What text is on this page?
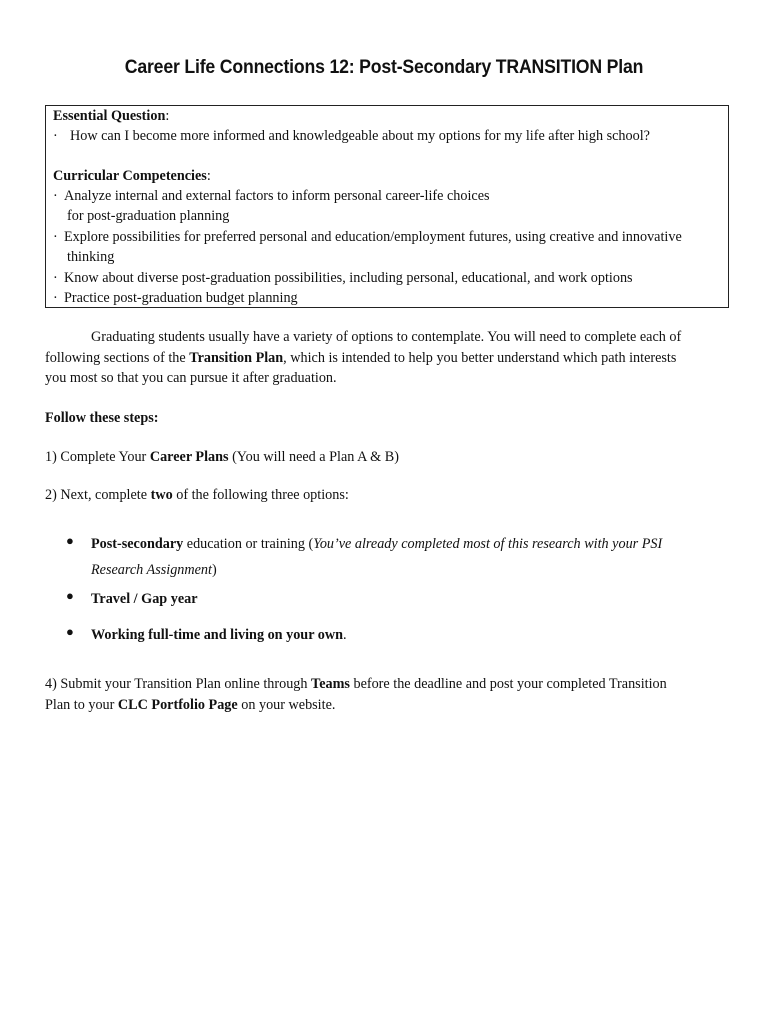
Career Life Connections 12: Post-Secondary TRANSITION Plan
Essential Question:
· How can I become more informed and knowledgeable about my options for my life after high school?
Curricular Competencies:
· Analyze internal and external factors to inform personal career-life choices
for post-graduation planning
· Explore possibilities for preferred personal and education/employment futures, using creative and innovative
thinking
· Know about diverse post-graduation possibilities, including personal, educational, and work options
· Practice post-graduation budget planning
Graduating students usually have a variety of options to contemplate. You will need to complete each of
following sections of the Transition Plan, which is intended to help you better understand which path interests
you most so that you can pursue it after graduation.
Follow these steps:
1) Complete Your Career Plans (You will need a Plan A & B)
2) Next, complete two of the following three options:
● Post-secondary education or training (You’ve already completed most of this research with your PSI Research Assignment)
● Travel / Gap year
● Working full-time and living on your own.
4) Submit your Transition Plan online through Teams before the deadline and post your completed Transition
Plan to your CLC Portfolio Page on your website.
